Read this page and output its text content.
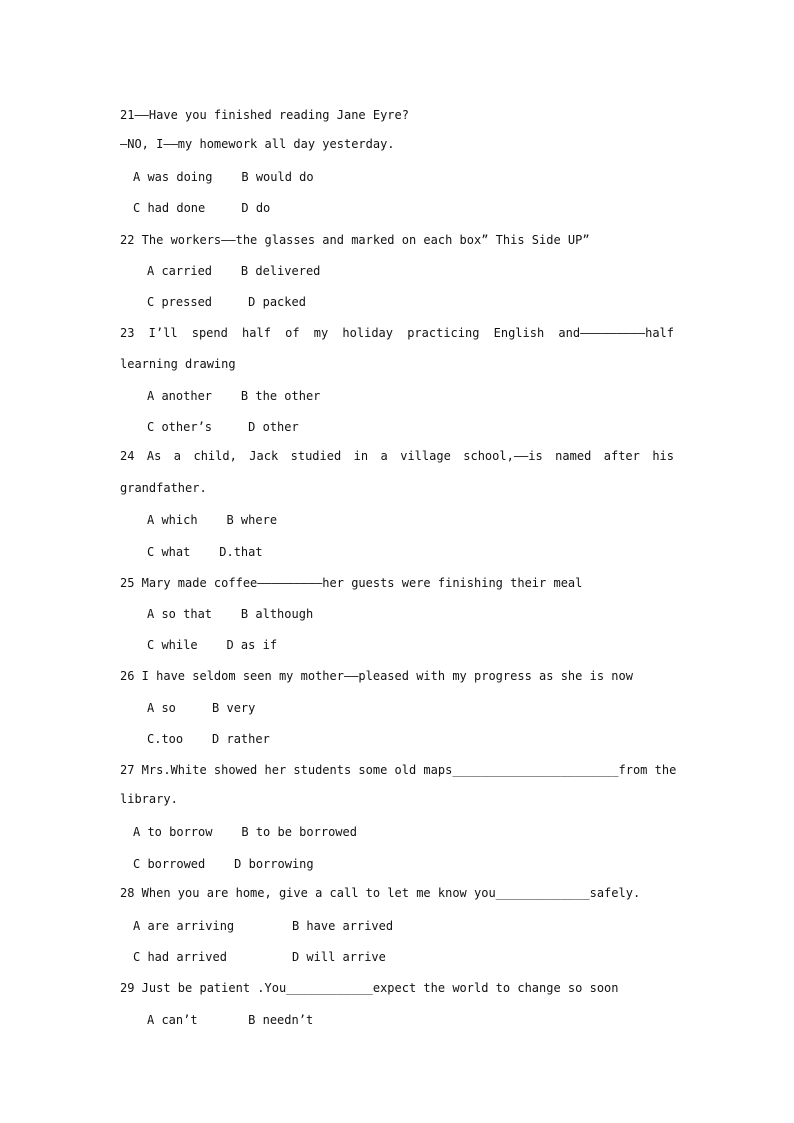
21——Have you finished reading Jane Eyre?
—NO, I——my homework all day yesterday.
A was doing    B would do
C had done     D do
22 The workers——the glasses and marked on each box” This Side UP”
A carried    B delivered
C pressed     D packed
23 I’ll spend half of my holiday practicing English and—————————half
learning drawing
A another    B the other
C other’s     D other
24 As a child, Jack studied in a village school,——is named after his
grandfather.
A which    B where
C what    D.that
25 Mary made coffee—————————her guests were finishing their meal
A so that    B although
C while    D as if
26 I have seldom seen my mother——pleased with my progress as she is now
A so     B very
C.too    D rather
27 Mrs.White showed her students some old maps_______________________from the
library.
A to borrow    B to be borrowed
C borrowed    D borrowing
28 When you are home, give a call to let me know you_____________safely.
A are arriving        B have arrived
C had arrived         D will arrive
29 Just be patient .You____________expect the world to change so soon
A can’t       B needn’t
